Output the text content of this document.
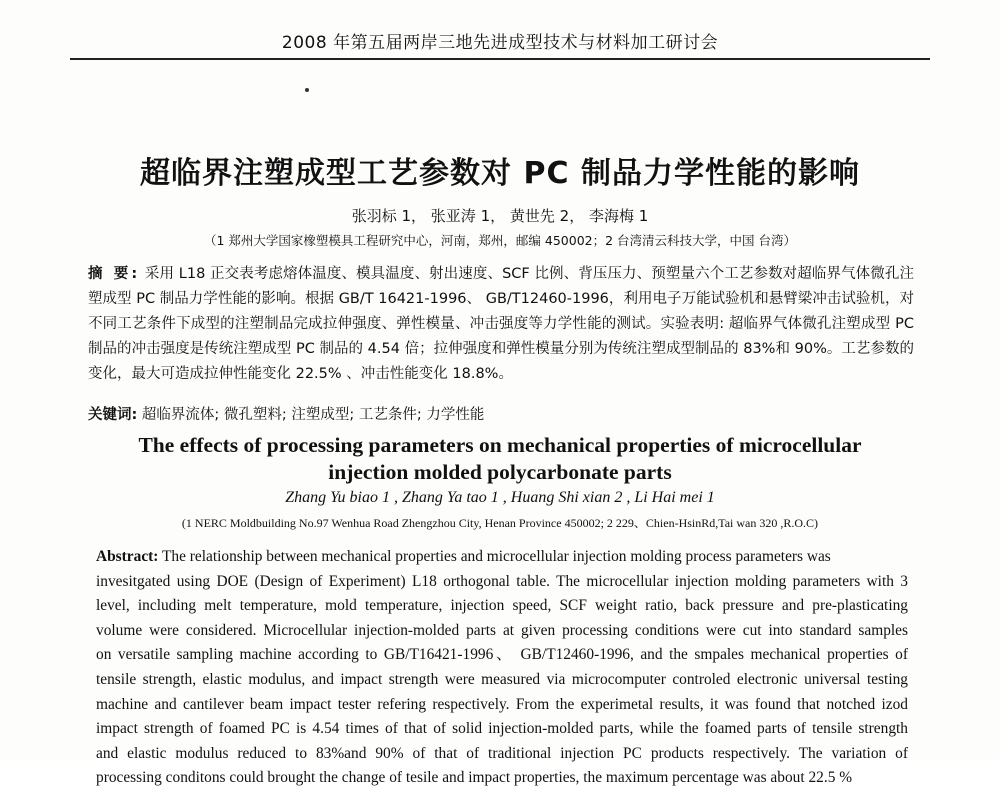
2008 年第五届两岸三地先进成型技术与材料加工研讨会
超临界注塑成型工艺参数对 PC 制品力学性能的影响
张羽标 1， 张亚涛 1， 黄世先 2， 李海梅 1
（1 郑州大学国家橡塑模具工程研究中心，河南，郑州，邮编 450002；2 台湾清云科技大学，中国 台湾）
摘 要: 采用 L18 正交表考虑熔体温度、模具温度、射出速度、SCF 比例、背压压力、预塑量六个工艺参数对超临界气体微孔注塑成型 PC 制品力学性能的影响。根据 GB/T 16421-1996、 GB/T12460-1996，利用电子万能试验机和悬臂梁冲击试验机，对不同工艺条件下成型的注塑制品完成拉伸强度、弹性模量、冲击强度等力学性能的测试。实验表明: 超临界气体微孔注塑成型 PC 制品的冲击强度是传统注塑成型 PC 制品的 4.54 倍；拉伸强度和弹性模量分别为传统注塑成型制品的 83%和 90%。工艺参数的变化，最大可造成拉伸性能变化 22.5% 、冲击性能变化 18.8%。
关键词: 超临界流体; 微孔塑料; 注塑成型; 工艺条件; 力学性能
The effects of processing parameters on mechanical properties of microcellular
injection molded polycarbonate parts
Zhang Yu biao 1 , Zhang Ya tao 1 , Huang Shi xian 2 , Li Hai mei 1
(1 NERC Moldbuilding No.97 Wenhua Road Zhengzhou City, Henan Province 450002; 2 229、Chien-HsinRd,Tai wan 320 ,R.O.C)
Abstract: The relationship between mechanical properties and microcellular injection molding process parameters was
invesitgated using DOE (Design of Experiment) L18 orthogonal table. The microcellular injection molding parameters with 3
level, including melt temperature, mold temperature, injection speed, SCF weight ratio, back pressure and pre-plasticating
volume were considered. Microcellular injection-molded parts at given processing conditions were cut into standard samples
on versatile sampling machine according to GB/T16421-1996、 GB/T12460-1996, and the smpales mechanical properties of
tensile strength, elastic modulus, and impact strength were measured via microcomputer controled electronic universal testing
machine and cantilever beam impact tester refering respectively. From the experimetal results, it was found that notched izod
impact strength of foamed PC is 4.54 times of that of solid injection-molded parts, while the foamed parts of tensile strength
and elastic modulus reduced to 83%and 90% of that of traditional injection PC products respectively. The variation of
processing conditons could brought the change of tesile and impact properties, the maximum percentage was about 22.5 %
